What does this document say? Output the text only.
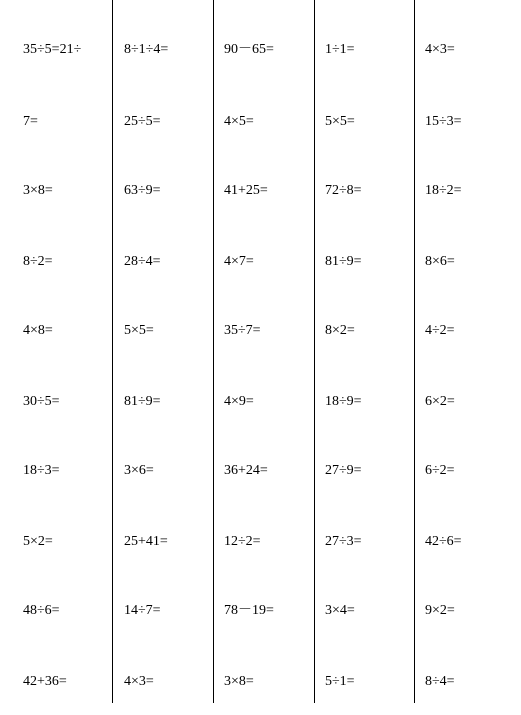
35÷5=21÷
7=
3×8=
8÷2=
4×8=
30÷5=
18÷3=
5×2=
48÷6=
42+36=
8÷1÷4=
25÷5=
63÷9=
28÷4=
5×5=
81÷9=
3×6=
25+41=
14÷7=
4×3=
90－65=
4×5=
41+25=
4×7=
35÷7=
4×9=
36+24=
12÷2=
78－19=
3×8=
1÷1=
5×5=
72÷8=
81÷9=
8×2=
18÷9=
27÷9=
27÷3=
3×4=
5÷1=
4×3=
15÷3=
18÷2=
8×6=
4÷2=
6×2=
6÷2=
42÷6=
9×2=
8÷4=
